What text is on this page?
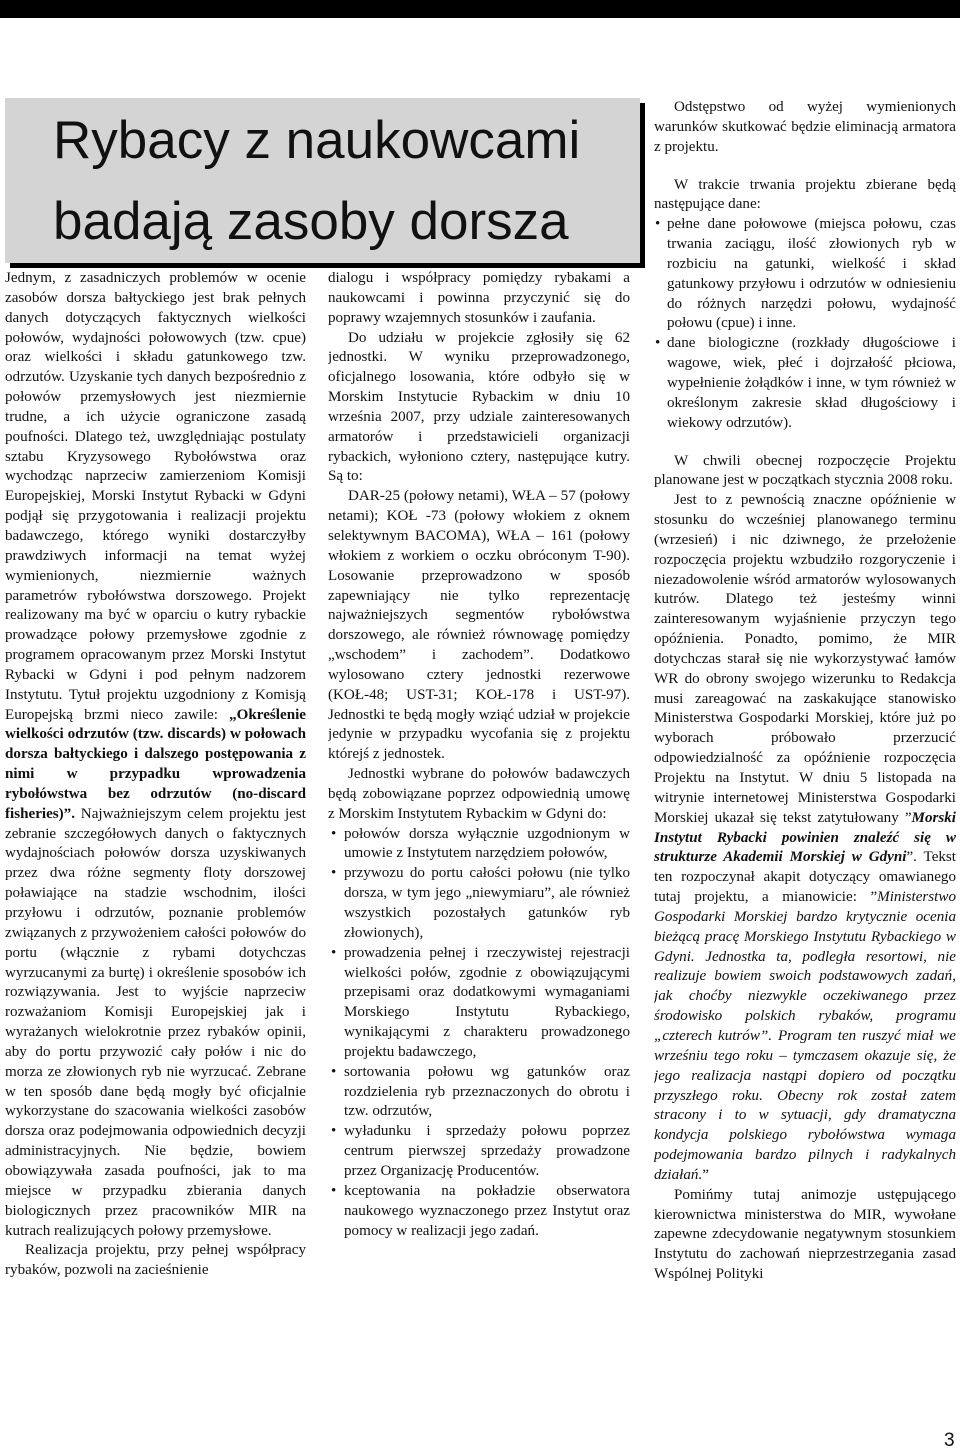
Rybacy z naukowcami
badają zasoby dorsza

Jednym, z zasadniczych problemów w ocenie zasobów dorsza bałtyckiego jest brak pełnych danych dotyczących faktycznych wielkości połowów, wydajności połowowych (tzw. cpue) oraz wielkości i składu gatunkowego tzw. odrzutów. Uzyskanie tych danych bezpośrednio z połowów przemysłowych jest niezmiernie trudne, a ich użycie ograniczone zasadą poufności. Dlatego też, uwzględniając postulaty sztabu Kryzysowego Rybołówstwa oraz wychodząc naprzeciw zamierzeniom Komisji Europejskiej, Morski Instytut Rybacki w Gdyni podjął się przygotowania i realizacji projektu badawczego, którego wyniki dostarczyłby prawdziwych informacji na temat wyżej wymienionych, niezmiernie ważnych parametrów rybołówstwa dorszowego. Projekt realizowany ma być w oparciu o kutry rybackie prowadzące połowy przemysłowe zgodnie z programem opracowanym przez Morski Instytut Rybacki w Gdyni i pod pełnym nadzorem Instytutu. Tytuł projektu uzgodniony z Komisją Europejską brzmi nieco zawile: „Określenie wielkości odrzutów (tzw. discards) w połowach dorsza bałtyckiego i dalszego postępowania z nimi w przypadku wprowadzenia rybołówstwa bez odrzutów (no-discard fisheries)”. Najważniejszym celem projektu jest zebranie szczegółowych danych o faktycznych wydajnościach połowów dorsza uzyskiwanych przez dwa różne segmenty floty dorszowej poławiające na stadzie wschodnim, ilości przyłowu i odrzutów, poznanie problemów związanych z przywożeniem całości połowów do portu (włącznie z rybami dotychczas wyrzucanymi za burtę) i określenie sposobów ich rozwiązywania. Jest to wyjście naprzeciw rozważaniom Komisji Europejskiej jak i wyrażanych wielokrotnie przez rybaków opinii, aby do portu przywozić cały połów i nic do morza ze złowionych ryb nie wyrzucać. Zebrane w ten sposób dane będą mogły być oficjalnie wykorzystane do szacowania wielkości zasobów dorsza oraz podejmowania odpowiednich decyzji administracyjnych. Nie będzie, bowiem obowiązywała zasada poufności, jak to ma miejsce w przypadku zbierania danych biologicznych przez pracowników MIR na kutrach realizujących połowy przemysłowe.

Realizacja projektu, przy pełnej współpracy rybaków, pozwoli na zacieśnienie

dialogu i współpracy pomiędzy rybakami a naukowcami i powinna przyczynić się do poprawy wzajemnych stosunków i zaufania.

Do udziału w projekcie zgłosiły się 62 jednostki. W wyniku przeprowadzonego, oficjalnego losowania, które odbyło się w Morskim Instytucie Rybackim w dniu 10 września 2007, przy udziale zainteresowanych armatorów i przedstawicieli organizacji rybackich, wyłoniono cztery, następujące kutry. Są to:

DAR-25 (połowy netami), WŁA – 57 (połowy netami); KOŁ -73 (połowy włokiem z oknem selektywnym BACOMA), WŁA – 161 (połowy włokiem z workiem o oczku obróconym T-90). Losowanie przeprowadzono w sposób zapewniający nie tylko reprezentację najważniejszych segmentów rybołówstwa dorszowego, ale również równowagę pomiędzy „wschodem” i zachodem”. Dodatkowo wylosowano cztery jednostki rezerwowe (KOŁ-48; UST-31; KOŁ-178 i UST-97). Jednostki te będą mogły wziąć udział w projekcie jedynie w przypadku wycofania się z projektu którejś z jednostek.

Jednostki wybrane do połowów badawczych będą zobowiązane poprzez odpowiednią umowę z Morskim Instytutem Rybackim w Gdyni do:

• połowów dorsza wyłącznie uzgodnionym w umowie z Instytutem narzędziem połowów,
• przywozu do portu całości połowu (nie tylko dorsza, w tym jego „niewymiaru”, ale również wszystkich pozostałych gatunków ryb złowionych),
• prowadzenia pełnej i rzeczywistej rejestracji wielkości połów, zgodnie z obowiązującymi przepisami oraz dodatkowymi wymaganiami Morskiego Instytutu Rybackiego, wynikającymi z charakteru prowadzonego projektu badawczego,
• sortowania połowu wg gatunków oraz rozdzielenia ryb przeznaczonych do obrotu i tzw. odrzutów,
• wyładunku i sprzedaży połowu poprzez centrum pierwszej sprzedaży prowadzone przez Organizację Producentów.
• kceptowania na pokładzie obserwatora naukowego wyznaczonego przez Instytut oraz pomocy w realizacji jego zadań.

Odstępstwo od wyżej wymienionych warunków skutkować będzie eliminacją armatora z projektu.

W trakcie trwania projektu zbierane będą następujące dane:

• pełne dane połowowe (miejsca połowu, czas trwania zaciągu, ilość złowionych ryb w rozbiciu na gatunki, wielkość i skład gatunkowy przyłowu i odrzutów w odniesieniu do różnych narzędzi połowu, wydajność połowu (cpue) i inne.
• dane biologiczne (rozkłady długościowe i wagowe, wiek, płeć i dojrzałość płciowa, wypełnienie żołądków i inne, w tym również w określonym zakresie skład długościowy i wiekowy odrzutów).

W chwili obecnej rozpoczęcie Projektu planowane jest w początkach stycznia 2008 roku.

Jest to z pewnością znaczne opóźnienie w stosunku do wcześniej planowanego terminu (wrzesień) i nic dziwnego, że przełożenie rozpoczęcia projektu wzbudziło rozgoryczenie i niezadowolenie wśród armatorów wylosowanych kutrów. Dlatego też jesteśmy winni zainteresowanym wyjaśnienie przyczyn tego opóźnienia. Ponadto, pomimo, że MIR dotychczas starał się nie wykorzystywać łamów WR do obrony swojego wizerunku to Redakcja musi zareagować na zaskakujące stanowisko Ministerstwa Gospodarki Morskiej, które już po wyborach próbowało przerzucić odpowiedzialność za opóźnienie rozpoczęcia Projektu na Instytut. W dniu 5 listopada na witrynie internetowej Ministerstwa Gospodarki Morskiej ukazał się tekst zatytułowany ”Morski Instytut Rybacki powinien znaleźć się w strukturze Akademii Morskiej w Gdyni”. Tekst ten rozpoczynał akapit dotyczący omawianego tutaj projektu, a mianowicie: ”Ministerstwo Gospodarki Morskiej bardzo krytycznie ocenia bieżącą pracę Morskiego Instytutu Rybackiego w Gdyni. Jednostka ta, podległa resortowi, nie realizuje bowiem swoich podstawowych zadań, jak choćby niezwykle oczekiwanego przez środowisko polskich rybaków, programu „czterech kutrów”. Program ten ruszyć miał we wrześniu tego roku – tymczasem okazuje się, że jego realizacja nastąpi dopiero od początku przyszłego roku. Obecny rok został zatem stracony i to w sytuacji, gdy dramatyczna kondycja polskiego rybołówstwa wymaga podejmowania bardzo pilnych i radykalnych działań.”

Pomińmy tutaj animozje ustępującego kierownictwa ministerstwa do MIR, wywołane zapewne zdecydowanie negatywnym stosunkiem Instytutu do zachowań nieprzestrzegania zasad Wspólnej Polityki

3
